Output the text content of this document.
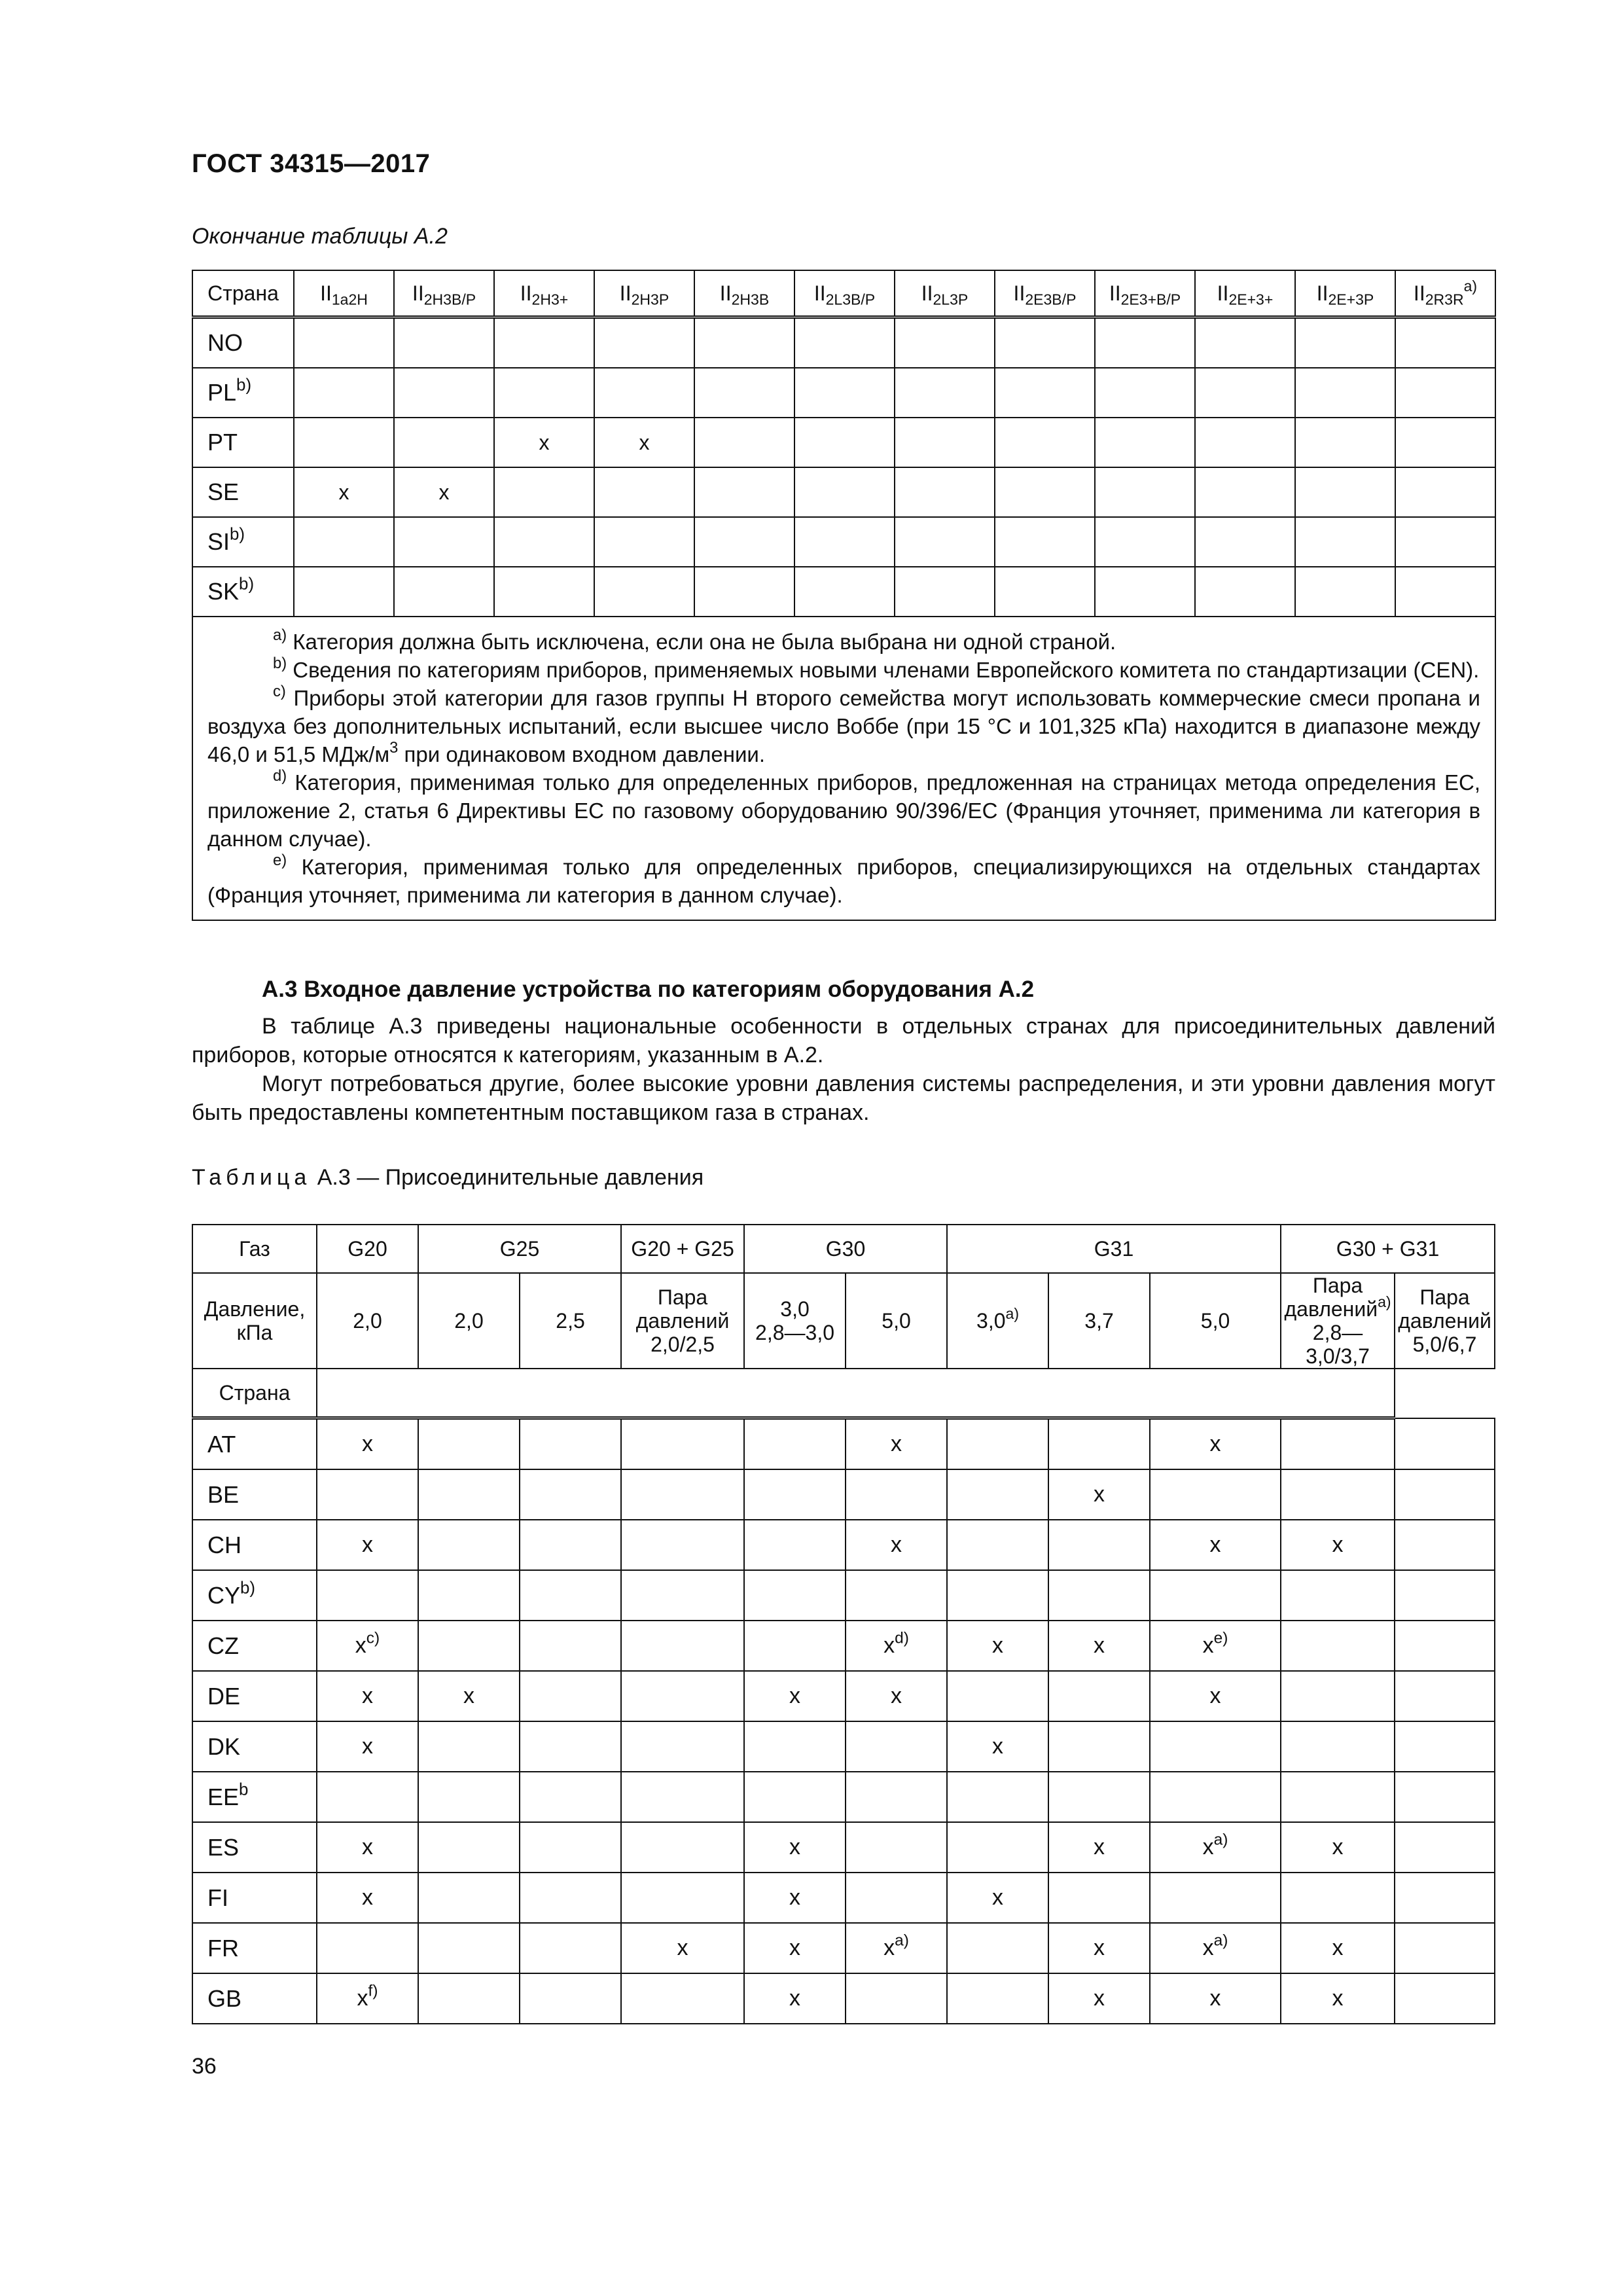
ГОСТ 34315—2017
Окончание таблицы А.2
Страна	$II_{1a2H}$	$II_{2H3B/P}$	$II_{2H3+}$	$II_{2H3P}$	$II_{2H3B}$	$II_{2L3B/P}$	$II_{2L3P}$	$II_{2E3B/P}$	$II_{2E3+B/P}$	$II_{2E+3+}$	$II_{2E+3P}$	$II_{2R3R}^{a)}$
NO												
PL$^{b)}$												
PT			x	x								
SE	x	x										
SI$^{b)}$												
SK$^{b)}$												

$^{a)}$ Категория должна быть исключена, если она не была выбрана ни одной страной.

$^{b)}$ Сведения по категориям приборов, применяемых новыми членами Европейского комитета по стандартизации (CEN).

$^{c)}$ Приборы этой категории для газов группы H второго семейства могут использовать коммерческие смеси пропана и воздуха без дополнительных испытаний, если высшее число Воббе (при 15 °C и 101,325 кПа) находится в диапазоне между 46,0 и 51,5 МДж/$м^3$ при одинаковом входном давлении.

$^{d)}$ Категория, применимая только для определенных приборов, предложенная на страницах метода определения ЕС, приложение 2, статья 6 Директивы ЕС по газовому оборудованию 90/396/ЕС (Франция уточняет, применима ли категория в данном случае).

$^{e)}$ Категория, применимая только для определенных приборов, специализирующихся на отдельных стандартах (Франция уточняет, применима ли категория в данном случае).												

А.3 Входное давление устройства по категориям оборудования А.2

В таблице А.3 приведены национальные особенности в отдельных странах для присоединительных давлений приборов, которые относятся к категориям, указанным в А.2.

Могут потребоваться другие, более высокие уровни давления системы распределения, и эти уровни давления могут быть предоставлены компетентным поставщиком газа в странах.

Таблица А.3 — Присоединительные давления
Газ	G20	G25		G20 + G25	G30		G31			G30 + G31	
Давление, кПа	2,0	2,0	2,5	Пара
давлений
2,0/2,5	3,0
2,8—3,0	5,0	3,0$^{a)}$	3,7	5,0	Пара
давлений$^{a)}$
2,8—3,0/3,7	Пара
давлений
5,0/6,7
Страна											
AT	x					x			x		
BE								x			
CH	x					x			x	x	
CY$^{b)}$											
CZ	$x^{c)}$					$x^{d)}$	x	x	$x^{e)}$		
DE	x	x			x	x			x		
DK	x						x				
$EE^b$											
ES	x				x			x	$x^{a)}$	x	
FI	x				x		x				
FR				x	x	$x^{a)}$		x	$x^{a)}$	x	
GB	$x^{f)}$				x			x	x	x	
36
